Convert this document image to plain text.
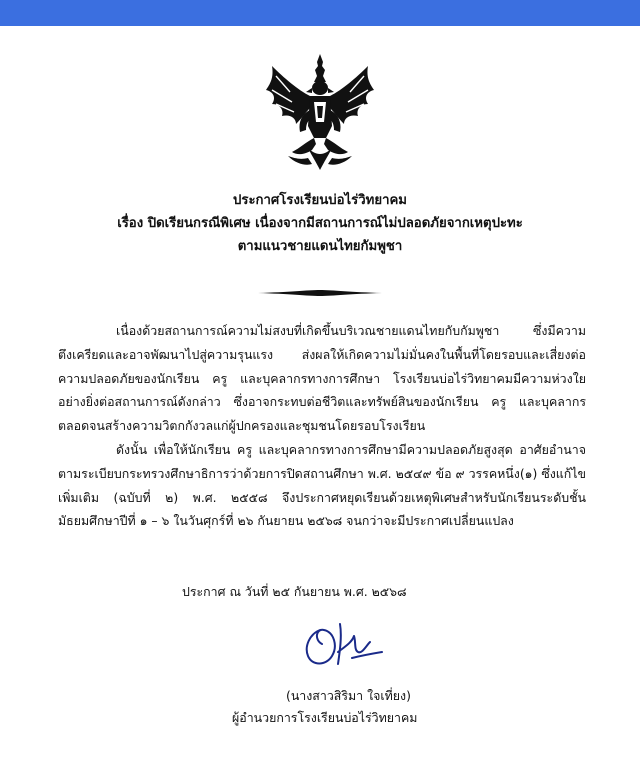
ประกาศโรงเรียนบ่อไร่วิทยาคม
เรื่อง ปิดเรียนกรณีพิเศษ เนื่องจากมีสถานการณ์ไม่ปลอดภัยจากเหตุปะทะ
ตามแนวชายแดนไทยกัมพูชา

เนื่องด้วยสถานการณ์ความไม่สงบที่เกิดขึ้นบริเวณชายแดนไทยกับกัมพูชา ซึ่งมีความตึงเครียดและอาจพัฒนาไปสู่ความรุนแรง ส่งผลให้เกิดความไม่มั่นคงในพื้นที่โดยรอบและเสี่ยงต่อความปลอดภัยของนักเรียน ครู และบุคลากรทางการศึกษา โรงเรียนบ่อไร่วิทยาคมมีความห่วงใยอย่างยิ่งต่อสถานการณ์ดังกล่าว ซึ่งอาจกระทบต่อชีวิตและทรัพย์สินของนักเรียน ครู และบุคลากรตลอดจนสร้างความวิตกกังวลแก่ผู้ปกครองและชุมชนโดยรอบโรงเรียน

ดังนั้น เพื่อให้นักเรียน ครู และบุคลากรทางการศึกษามีความปลอดภัยสูงสุด อาศัยอำนาจตามระเบียบกระทรวงศึกษาธิการว่าด้วยการปิดสถานศึกษา พ.ศ. ๒๕๔๙ ข้อ ๙ วรรคหนึ่ง(๑) ซึ่งแก้ไขเพิ่มเติม (ฉบับที่ ๒) พ.ศ. ๒๕๕๘ จึงประกาศหยุดเรียนด้วยเหตุพิเศษสำหรับนักเรียนระดับชั้นมัธยมศึกษาปีที่ ๑ – ๖ ในวันศุกร์ที่ ๒๖ กันยายน ๒๕๖๘ จนกว่าจะมีประกาศเปลี่ยนแปลง

ประกาศ ณ วันที่ ๒๕ กันยายน พ.ศ. ๒๕๖๘
(นางสาวสิริมา ใจเที่ยง)
ผู้อำนวยการโรงเรียนบ่อไร่วิทยาคม
